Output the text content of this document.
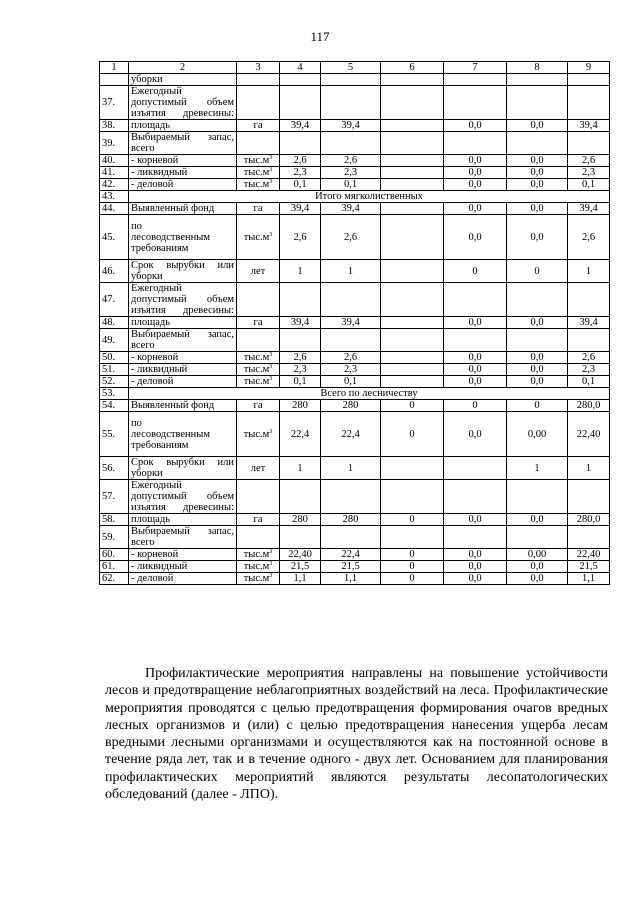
117
1	2	3	4	5	6	7	8	9

	уборки							

37.	Ежегодный
допустимый объем
изъятия древесины:							

38.	площадь	га	39,4	39,4		0,0	0,0	39,4
39.	Выбираемый запас,
всего							

40.	- корневой	$тыс.м^3$	2,6	2,6		0,0	0,0	2,6
41.	- ликвидный	$тыс.м^3$	2,3	2,3		0,0	0,0	2,3
42.	- деловой	$тыс.м^3$	0,1	0,1		0,0	0,0	0,1
43.	Итого мягколиственных							
44.	Выявленный фонд	га	39,4	39,4		0,0	0,0	39,4
45.	по
лесоводственным
требованиям	$тыс.м^3$	2,6	2,6		0,0	0,0	2,6
46.	Срок вырубки или
уборки	лет	1	1		0	0	1
47.	Ежегодный
допустимый объем
изъятия древесины:							

48.	площадь	га	39,4	39,4		0,0	0,0	39,4
49.	Выбираемый запас,
всего							

50.	- корневой	$тыс.м^3$	2,6	2,6		0,0	0,0	2,6
51.	- ликвидный	$тыс.м^3$	2,3	2,3		0,0	0,0	2,3
52.	- деловой	$тыс.м^3$	0,1	0,1		0,0	0,0	0,1
53.	Всего по лесничеству							
54.	Выявленный фонд	га	280	280	0	0	0	280,0
55.	по
лесоводственным
требованиям	$тыс.м^3$	22,4	22,4	0	0,0	0,00	22,40
56.	Срок вырубки или
уборки	лет	1	1			1	1
57.	Ежегодный
допустимый объем
изъятия древесины:							

58.	площадь	га	280	280	0	0,0	0,0	280,0
59.	Выбираемый запас,
всего							

60.	- корневой	$тыс.м^3$	22,40	22,4	0	0,0	0,00	22,40
61.	- ликвидный	$тыс.м^3$	21,5	21,5	0	0,0	0,0	21,5
62.	- деловой	$тыс.м^3$	1,1	1,1	0	0,0	0,0	1,1

Профилактические мероприятия направлены на повышение устойчивости лесов и предотвращение неблагоприятных воздействий на леса. Профилактические мероприятия проводятся с целью предотвращения формирования очагов вредных лесных организмов и (или) с целью предотвращения нанесения ущерба лесам вредными лесными организмами и осуществляются как на постоянной основе в течение ряда лет, так и в течение одного - двух лет. Основанием для планирования профилактических мероприятий являются результаты лесопатологических обследований (далее - ЛПО).
